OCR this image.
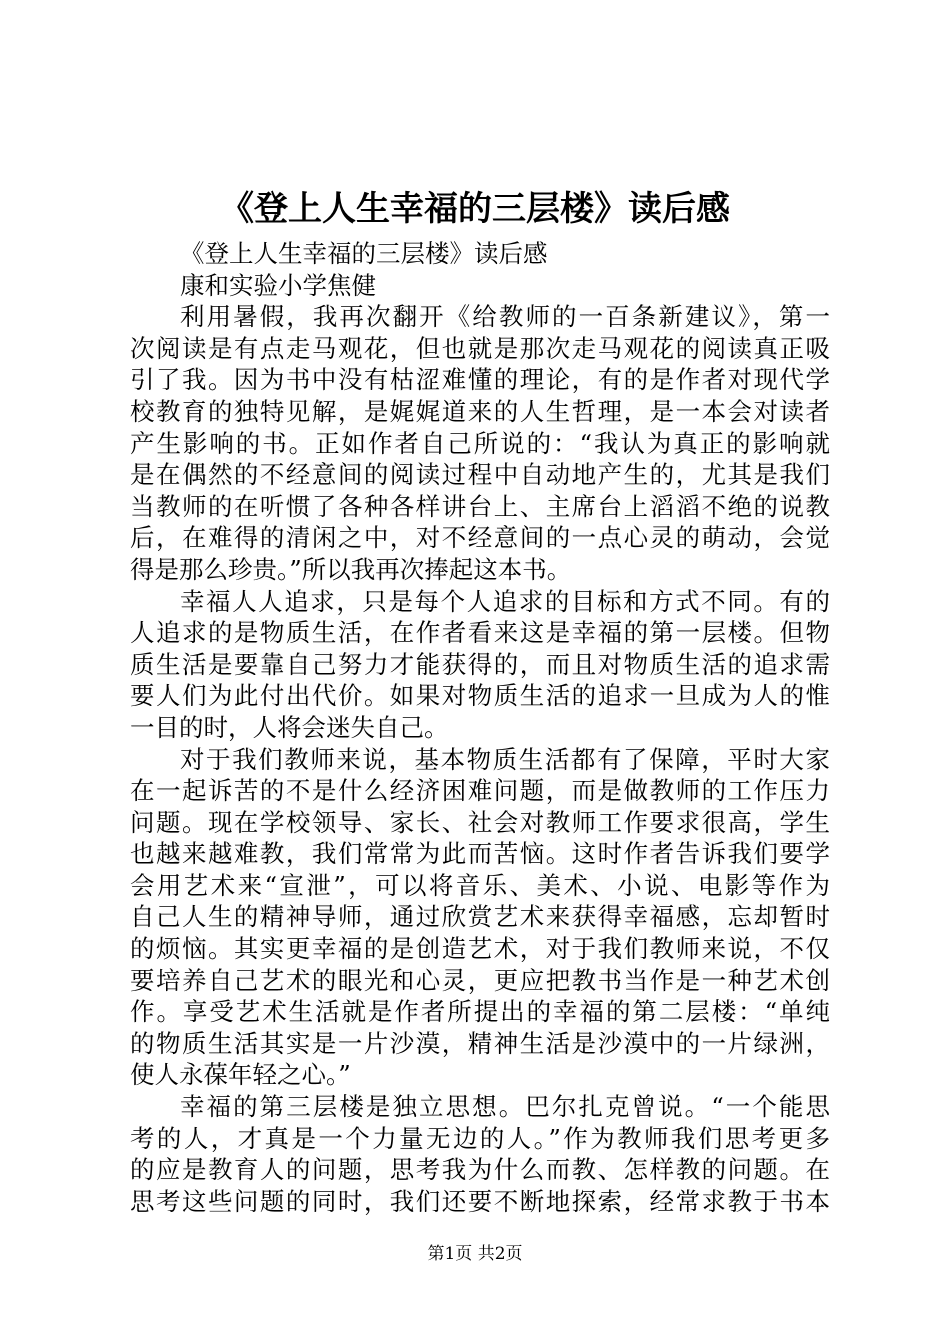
《登上人生幸福的三层楼》读后感

《登上人生幸福的三层楼》读后感

康和实验小学焦健

利用暑假，我再次翻开《给教师的一百条新建议》，第一

次阅读是有点走马观花，但也就是那次走马观花的阅读真正吸

引了我。因为书中没有枯涩难懂的理论，有的是作者对现代学

校教育的独特见解，是娓娓道来的人生哲理，是一本会对读者

产生影响的书。正如作者自己所说的：“我认为真正的影响就

是在偶然的不经意间的阅读过程中自动地产生的，尤其是我们

当教师的在听惯了各种各样讲台上、主席台上滔滔不绝的说教

后，在难得的清闲之中，对不经意间的一点心灵的萌动，会觉

得是那么珍贵。”所以我再次捧起这本书。

幸福人人追求，只是每个人追求的目标和方式不同。有的

人追求的是物质生活，在作者看来这是幸福的第一层楼。但物

质生活是要靠自己努力才能获得的，而且对物质生活的追求需

要人们为此付出代价。如果对物质生活的追求一旦成为人的惟

一目的时，人将会迷失自己。

对于我们教师来说，基本物质生活都有了保障，平时大家

在一起诉苦的不是什么经济困难问题，而是做教师的工作压力

问题。现在学校领导、家长、社会对教师工作要求很高，学生

也越来越难教，我们常常为此而苦恼。这时作者告诉我们要学

会用艺术来“宣泄”，可以将音乐、美术、小说、电影等作为

自己人生的精神导师，通过欣赏艺术来获得幸福感，忘却暂时

的烦恼。其实更幸福的是创造艺术，对于我们教师来说，不仅

要培养自己艺术的眼光和心灵，更应把教书当作是一种艺术创

作。享受艺术生活就是作者所提出的幸福的第二层楼：“单纯

的物质生活其实是一片沙漠，精神生活是沙漠中的一片绿洲，

使人永葆年轻之心。”

幸福的第三层楼是独立思想。巴尔扎克曾说。“一个能思

考的人，才真是一个力量无边的人。”作为教师我们思考更多

的应是教育人的问题，思考我为什么而教、怎样教的问题。在

思考这些问题的同时，我们还要不断地探索，经常求教于书本

第1页 共2页
